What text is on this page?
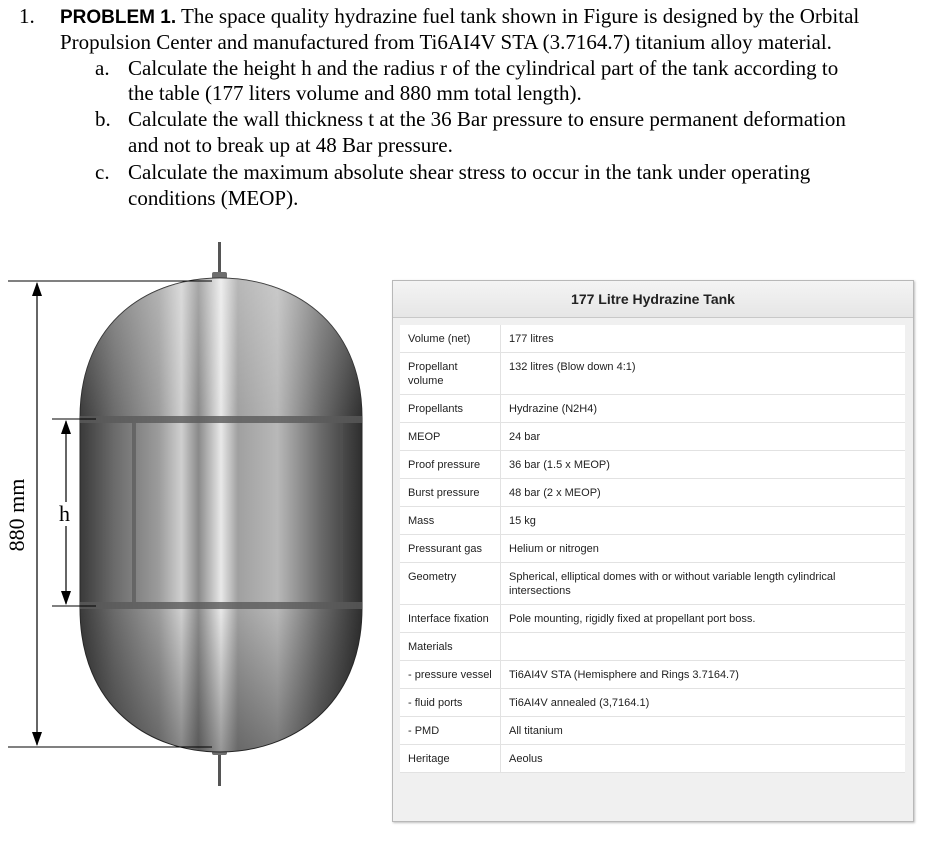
1. PROBLEM 1. The space quality hydrazine fuel tank shown in Figure is designed by the Orbital
Propulsion Center and manufactured from Ti6AI4V STA (3.7164.7) titanium alloy material.
a. Calculate the height h and the radius r of the cylindrical part of the tank according to
the table (177 liters volume and 880 mm total length).
b. Calculate the wall thickness t at the 36 Bar pressure to ensure permanent deformation
and not to break up at 48 Bar pressure.
c. Calculate the maximum absolute shear stress to occur in the tank under operating
conditions (MEOP).
880 mm h
177 Litre Hydrazine Tank
Volume (net)	177 litres
Propellant volume	132 litres (Blow down 4:1)
Propellants	Hydrazine (N2H4)
MEOP	24 bar
Proof pressure	36 bar (1.5 x MEOP)
Burst pressure	48 bar (2 x MEOP)
Mass	15 kg
Pressurant gas	Helium or nitrogen
Geometry	Spherical, elliptical domes with or without variable length cylindrical intersections
Interface fixation	Pole mounting, rigidly fixed at propellant port boss.
Materials	
- pressure vessel	Ti6AI4V STA (Hemisphere and Rings 3.7164.7)
- fluid ports	Ti6AI4V annealed (3,7164.1)
- PMD	All titanium
Heritage	Aeolus
